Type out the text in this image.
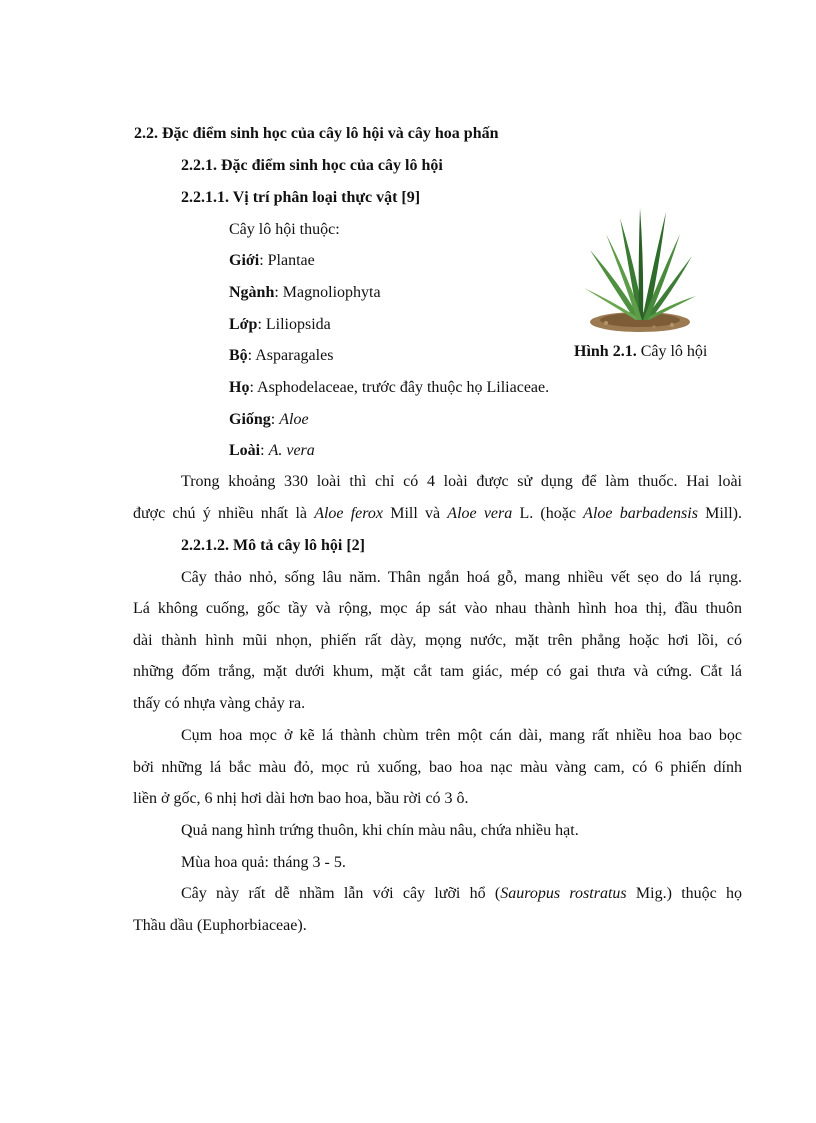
2.2. Đặc điểm sinh học của cây lô hội và cây hoa phấn
2.2.1. Đặc điểm sinh học của cây lô hội
2.2.1.1. Vị trí phân loại thực vật [9]
Cây lô hội thuộc:
Giới: Plantae
Ngành: Magnoliophyta
Lớp: Liliopsida
Bộ: Asparagales
Họ: Asphodelaceae, trước đây thuộc họ Liliaceae.
Giống: Aloe
Loài: A. vera
Hình 2.1. Cây lô hội
Trong khoảng 330 loài thì chỉ có 4 loài được sử dụng để làm thuốc. Hai loài
được chú ý nhiều nhất là Aloe ferox Mill và Aloe vera L. (hoặc Aloe barbadensis Mill).
2.2.1.2. Mô tả cây lô hội [2]
Cây thảo nhỏ, sống lâu năm. Thân ngắn hoá gỗ, mang nhiều vết sẹo do lá rụng.
Lá không cuống, gốc tầy và rộng, mọc áp sát vào nhau thành hình hoa thị, đầu thuôn
dài thành hình mũi nhọn, phiến rất dày, mọng nước, mặt trên phẳng hoặc hơi lồi, có
những đốm trắng, mặt dưới khum, mặt cắt tam giác, mép có gai thưa và cứng. Cắt lá
thấy có nhựa vàng chảy ra.
Cụm hoa mọc ở kẽ lá thành chùm trên một cán dài, mang rất nhiều hoa bao bọc
bởi những lá bắc màu đỏ, mọc rủ xuống, bao hoa nạc màu vàng cam, có 6 phiến dính
liền ở gốc, 6 nhị hơi dài hơn bao hoa, bầu rời có 3 ô.
Quả nang hình trứng thuôn, khi chín màu nâu, chứa nhiều hạt.
Mùa hoa quả: tháng 3 - 5.
Cây này rất dễ nhầm lẫn với cây lưỡi hổ (Sauropus rostratus Mig.) thuộc họ
Thầu dầu (Euphorbiaceae).
